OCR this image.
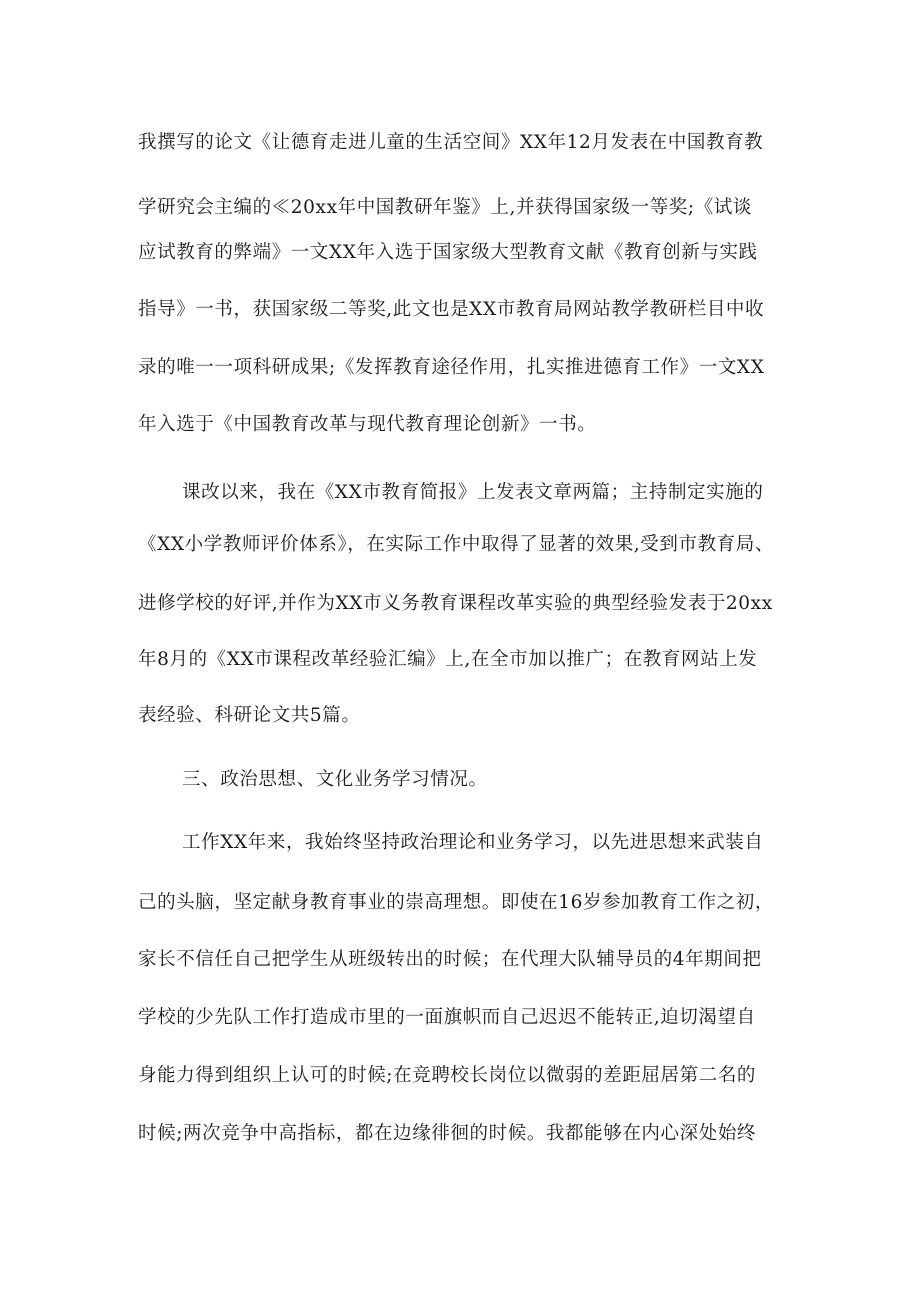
我撰写的论文《让德育走进儿童的生活空间》XX年12月发表在中国教育教
学研究会主编的≪20xx年中国教研年鉴》上,并获得国家级一等奖;《试谈
应试教育的弊端》一文XX年入选于国家级大型教育文献《教育创新与实践
指导》一书，获国家级二等奖,此文也是XX市教育局网站教学教研栏目中收
录的唯一一项科研成果;《发挥教育途径作用，扎实推进德育工作》一文XX
年入选于《中国教育改革与现代教育理论创新》一书。
课改以来，我在《XX市教育简报》上发表文章两篇；主持制定实施的
《XX小学教师评价体系》，在实际工作中取得了显著的效果,受到市教育局、
进修学校的好评,并作为XX市义务教育课程改革实验的典型经验发表于20xx
年8月的《XX市课程改革经验汇编》上,在全市加以推广；在教育网站上发
表经验、科研论文共5篇。
三、政治思想、文化业务学习情况。
工作XX年来，我始终坚持政治理论和业务学习，以先进思想来武装自
己的头脑，坚定献身教育事业的崇高理想。即使在16岁参加教育工作之初，
家长不信任自己把学生从班级转出的时候；在代理大队辅导员的4年期间把
学校的少先队工作打造成市里的一面旗帜而自己迟迟不能转正,迫切渴望自
身能力得到组织上认可的时候;在竞聘校长岗位以微弱的差距屈居第二名的
时候;两次竞争中高指标，都在边缘徘徊的时候。我都能够在内心深处始终
